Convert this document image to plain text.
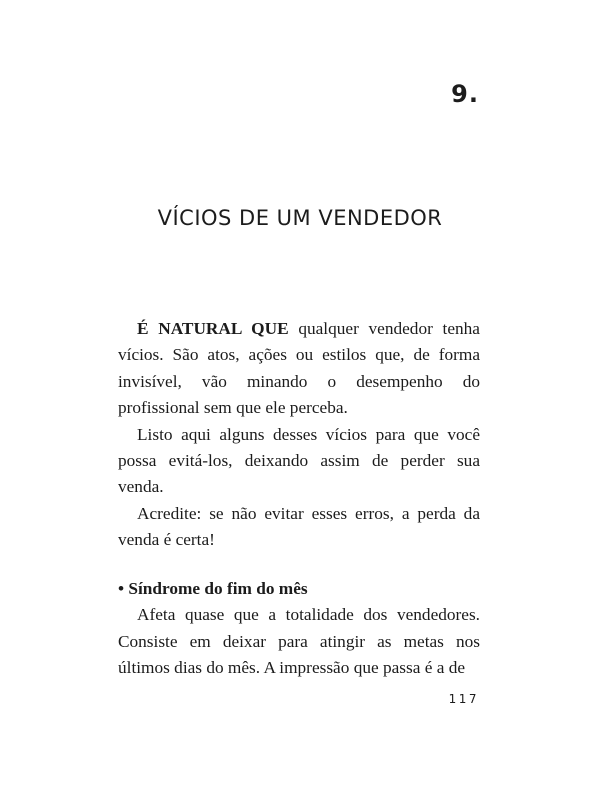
9.
VÍCIOS DE UM VENDEDOR

É NATURAL QUE qualquer vendedor tenha vícios. São atos, ações ou estilos que, de forma invisível, vão minando o desempenho do profissional sem que ele perceba.

Listo aqui alguns desses vícios para que você possa evitá-los, deixando assim de perder sua venda.

Acredite: se não evitar esses erros, a perda da venda é certa!

• Síndrome do fim do mês

Afeta quase que a totalidade dos vendedores. Consiste em deixar para atingir as metas nos últimos dias do mês. A impressão que passa é a de

117
